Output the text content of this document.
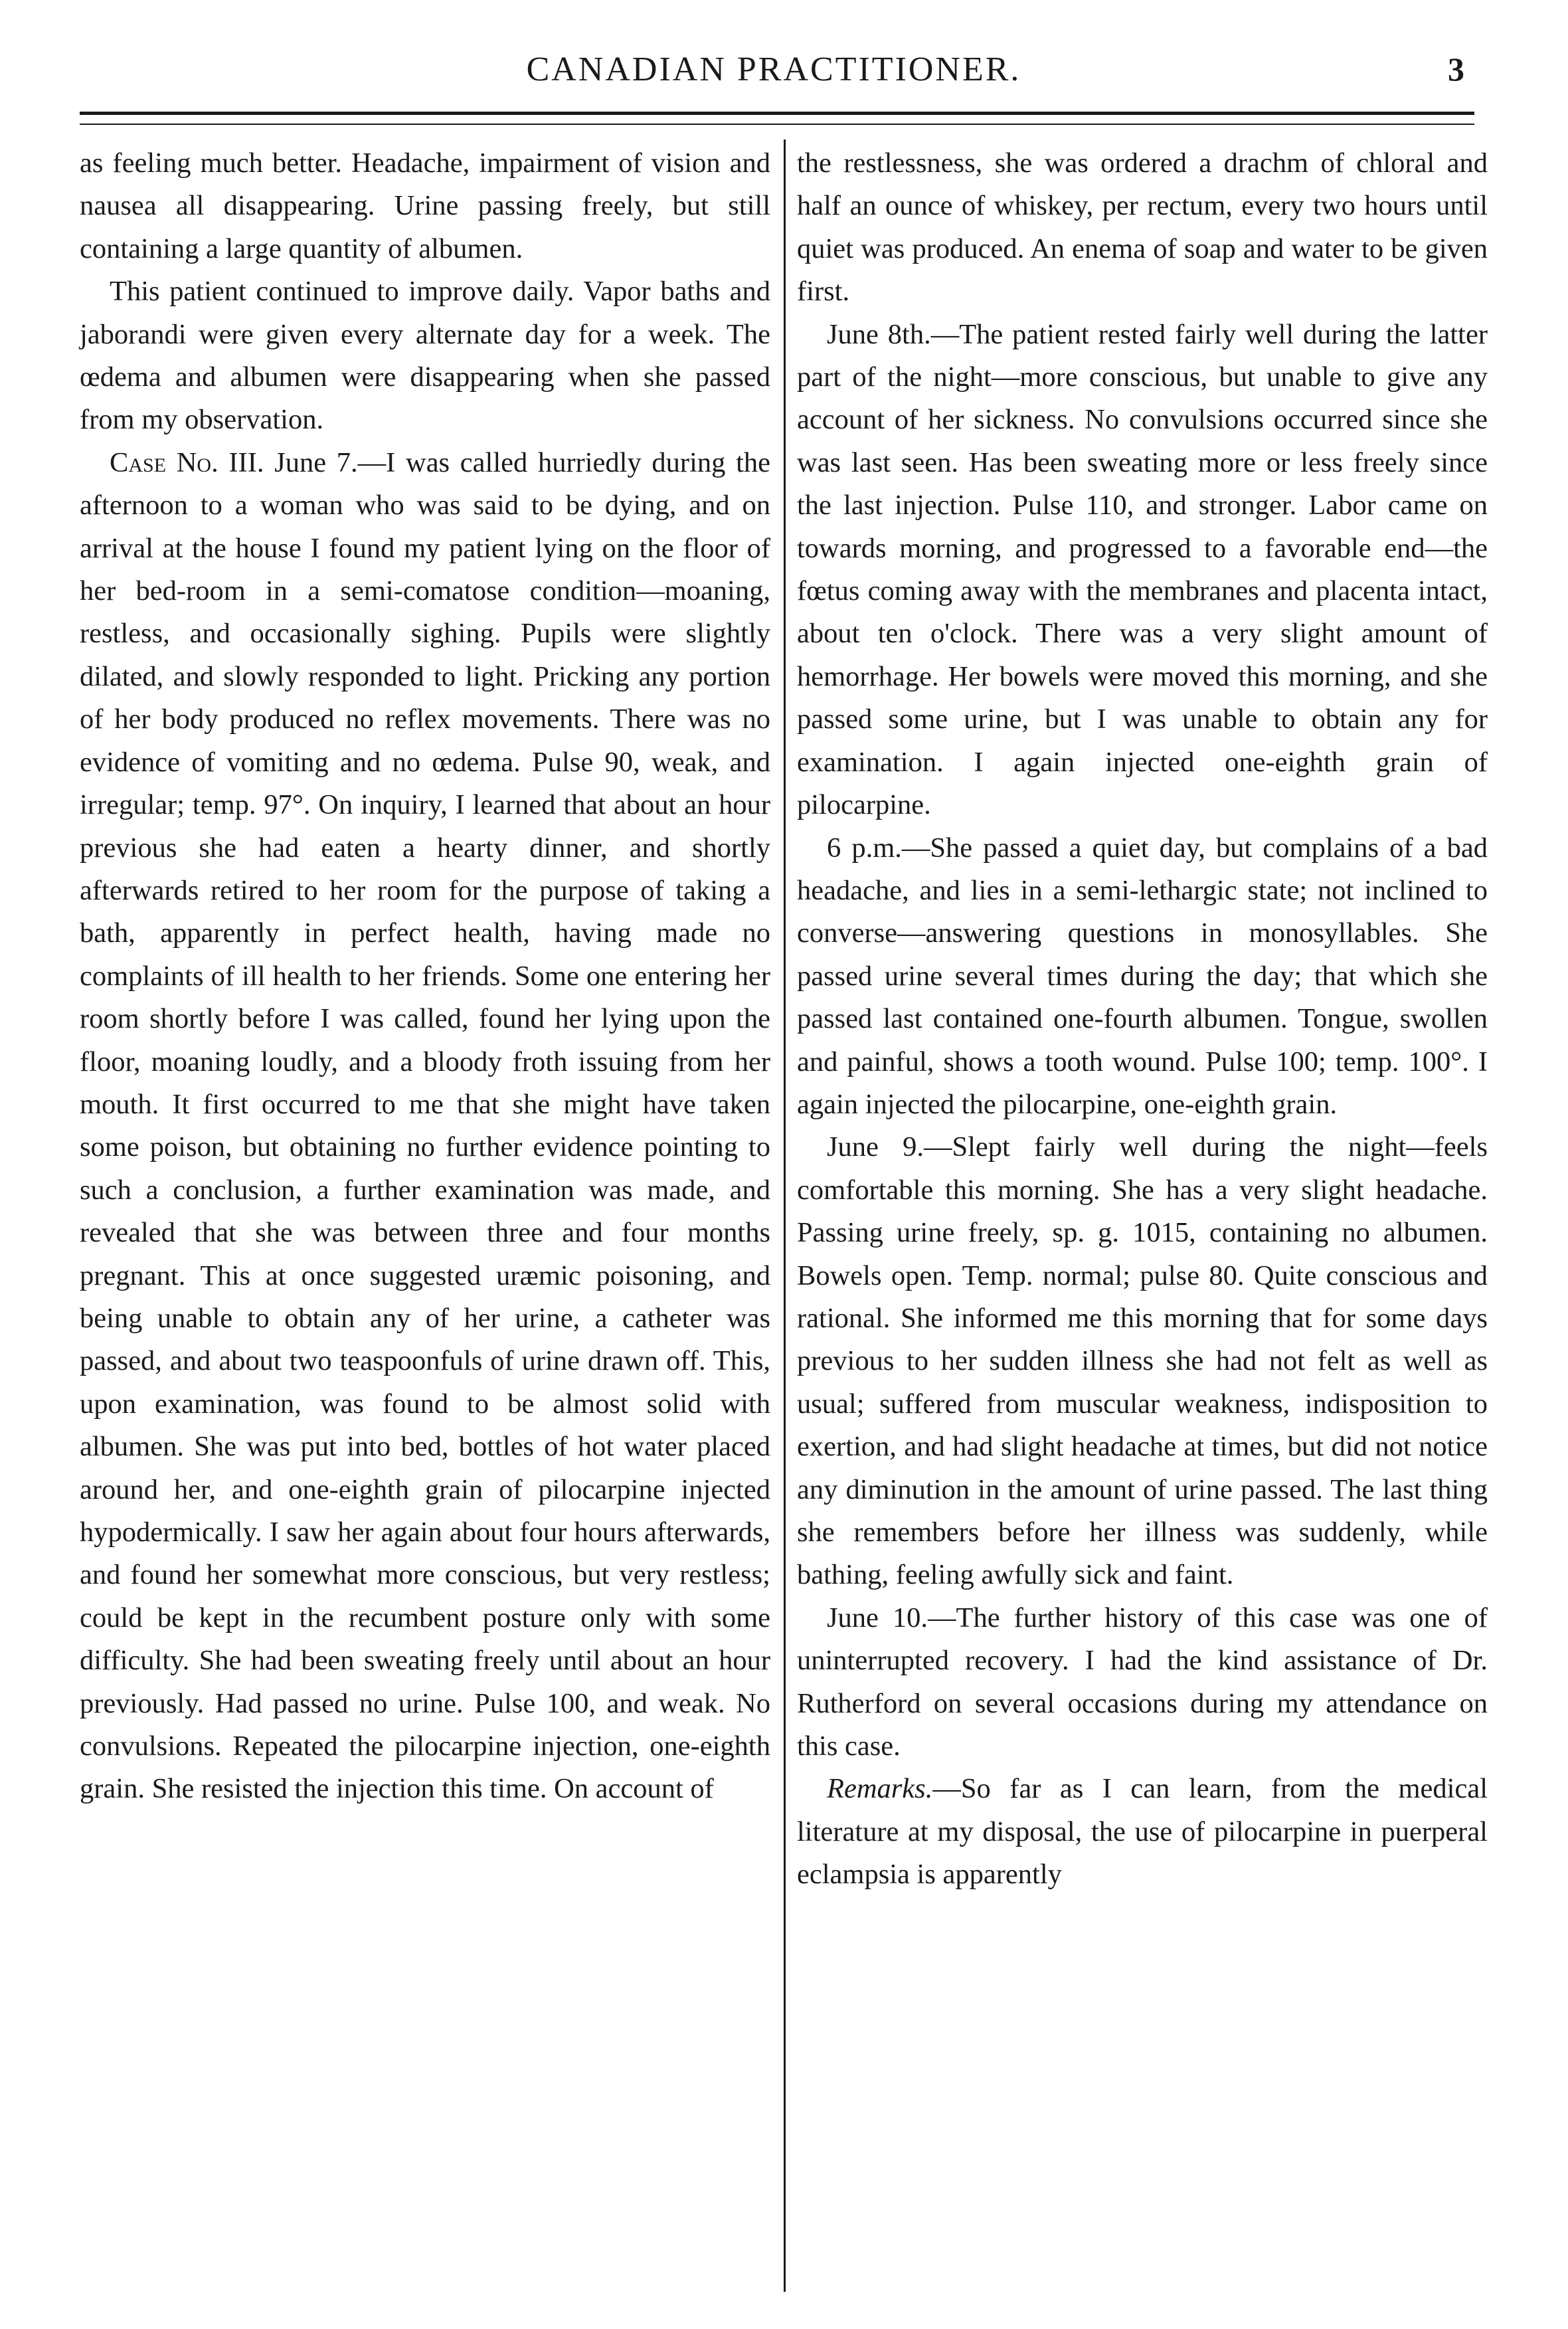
CANADIAN PRACTITIONER.	3

as feeling much better. Headache, impairment of vision and nausea all disappearing. Urine passing freely, but still containing a large quantity of albumen.

This patient continued to improve daily. Vapor baths and jaborandi were given every alternate day for a week. The œdema and albumen were disappearing when she passed from my observation.

Case No. III. June 7.—I was called hurriedly during the afternoon to a woman who was said to be dying, and on arrival at the house I found my patient lying on the floor of her bed-room in a semi-comatose condition—moaning, restless, and occasionally sighing. Pupils were slightly dilated, and slowly responded to light. Pricking any portion of her body produced no reflex movements. There was no evidence of vomiting and no œdema. Pulse 90, weak, and irregular; temp. 97°. On inquiry, I learned that about an hour previous she had eaten a hearty dinner, and shortly afterwards retired to her room for the purpose of taking a bath, apparently in perfect health, having made no complaints of ill health to her friends. Some one entering her room shortly before I was called, found her lying upon the floor, moaning loudly, and a bloody froth issuing from her mouth. It first occurred to me that she might have taken some poison, but obtaining no further evidence pointing to such a conclusion, a further examination was made, and revealed that she was between three and four months pregnant. This at once suggested uræmic poisoning, and being unable to obtain any of her urine, a catheter was passed, and about two teaspoonfuls of urine drawn off. This, upon examination, was found to be almost solid with albumen. She was put into bed, bottles of hot water placed around her, and one-eighth grain of pilocarpine injected hypodermically. I saw her again about four hours afterwards, and found her somewhat more conscious, but very restless; could be kept in the recumbent posture only with some difficulty. She had been sweating freely until about an hour previously. Had passed no urine. Pulse 100, and weak. No convulsions. Repeated the pilocarpine injection, one-eighth grain. She resisted the injection this time. On account of

the restlessness, she was ordered a drachm of chloral and half an ounce of whiskey, per rectum, every two hours until quiet was produced. An enema of soap and water to be given first.

June 8th.—The patient rested fairly well during the latter part of the night—more conscious, but unable to give any account of her sickness. No convulsions occurred since she was last seen. Has been sweating more or less freely since the last injection. Pulse 110, and stronger. Labor came on towards morning, and progressed to a favorable end—the fœtus coming away with the membranes and placenta intact, about ten o'clock. There was a very slight amount of hemorrhage. Her bowels were moved this morning, and she passed some urine, but I was unable to obtain any for examination. I again injected one-eighth grain of pilocarpine.

6 p.m.—She passed a quiet day, but complains of a bad headache, and lies in a semi-lethargic state; not inclined to converse—answering questions in monosyllables. She passed urine several times during the day; that which she passed last contained one-fourth albumen. Tongue, swollen and painful, shows a tooth wound. Pulse 100; temp. 100°. I again injected the pilocarpine, one-eighth grain.

June 9.—Slept fairly well during the night—feels comfortable this morning. She has a very slight headache. Passing urine freely, sp. g. 1015, containing no albumen. Bowels open. Temp. normal; pulse 80. Quite conscious and rational. She informed me this morning that for some days previous to her sudden illness she had not felt as well as usual; suffered from muscular weakness, indisposition to exertion, and had slight headache at times, but did not notice any diminution in the amount of urine passed. The last thing she remembers before her illness was suddenly, while bathing, feeling awfully sick and faint.

June 10.—The further history of this case was one of uninterrupted recovery. I had the kind assistance of Dr. Rutherford on several occasions during my attendance on this case.

Remarks.—So far as I can learn, from the medical literature at my disposal, the use of pilocarpine in puerperal eclampsia is apparently
